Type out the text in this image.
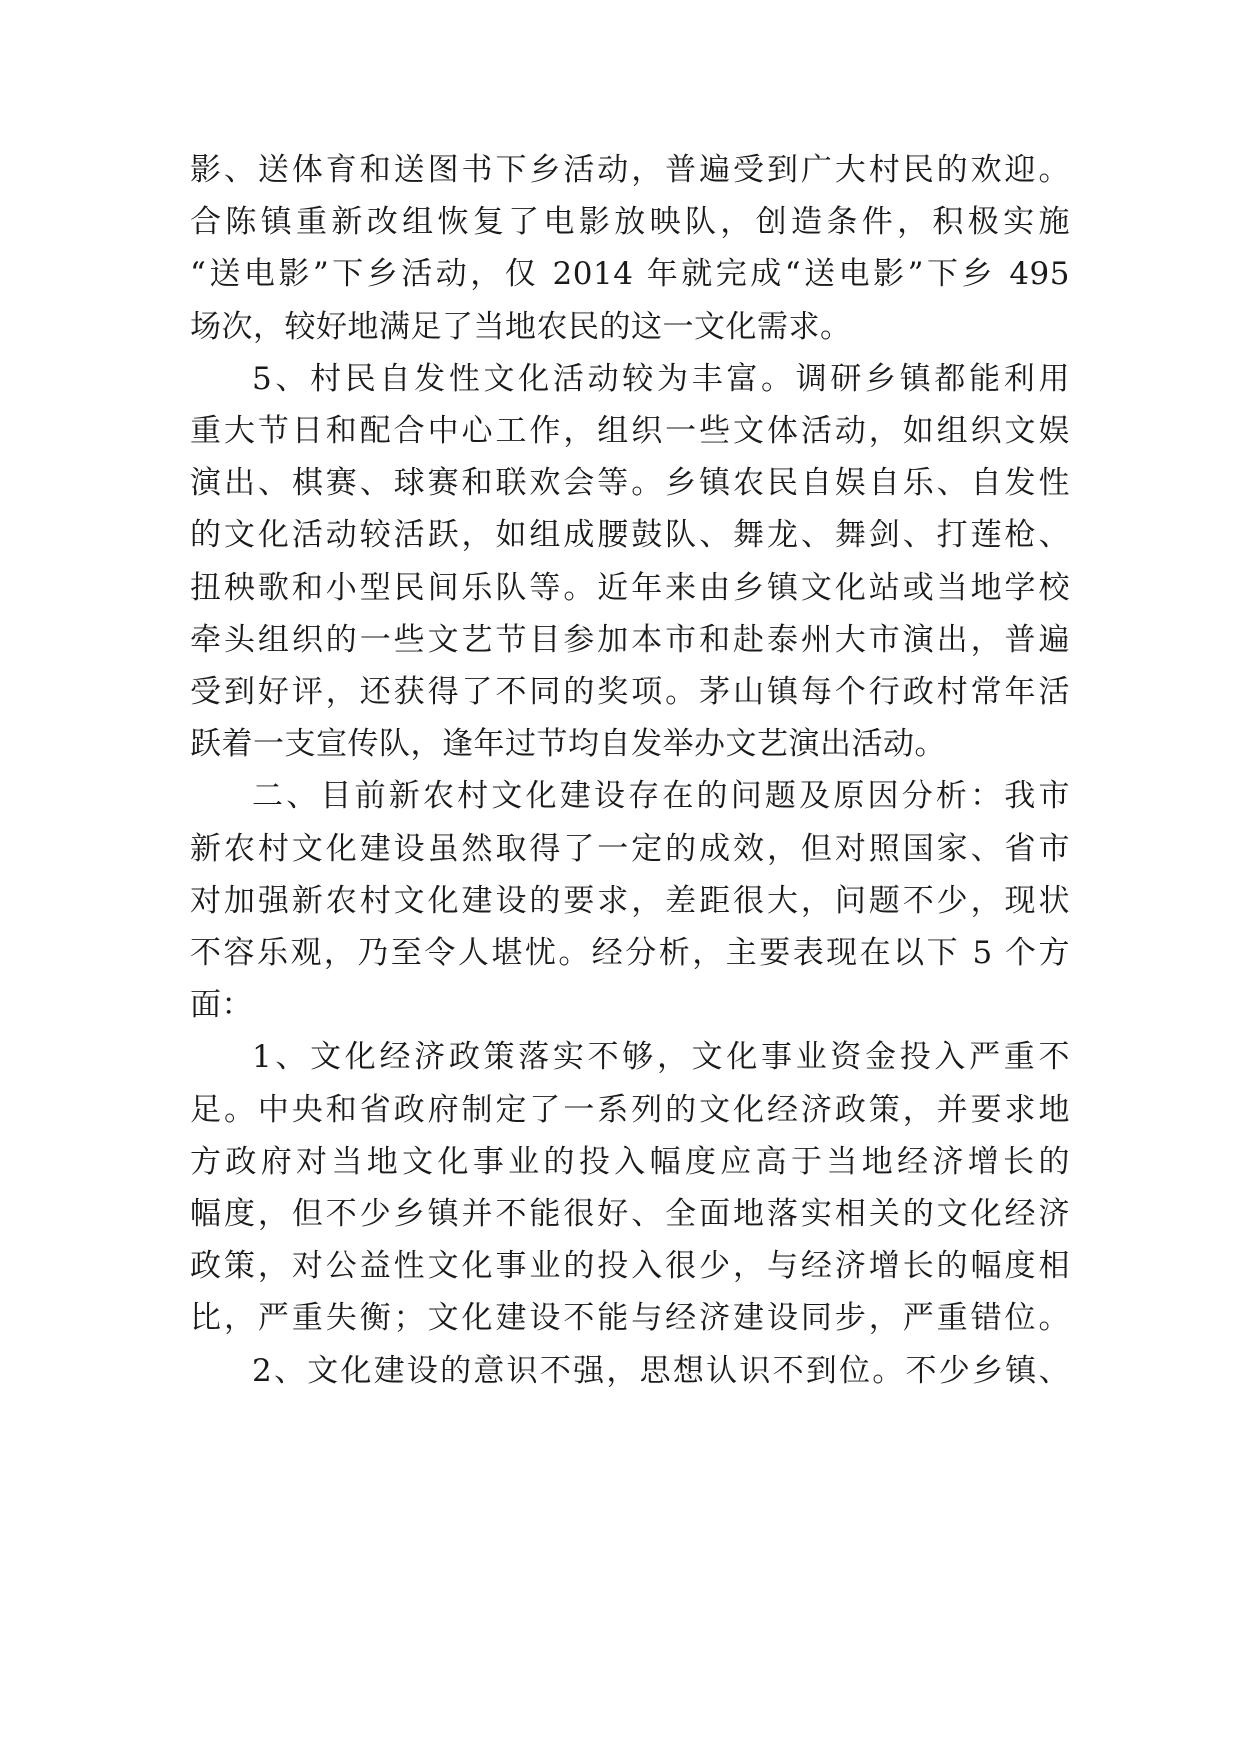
影、送体育和送图书下乡活动，普遍受到广大村民的欢迎。
合陈镇重新改组恢复了电影放映队，创造条件，积极实施
“送电影”下乡活动，仅 2014 年就完成“送电影”下乡 495
场次，较好地满足了当地农民的这一文化需求。
5、村民自发性文化活动较为丰富。调研乡镇都能利用
重大节日和配合中心工作，组织一些文体活动，如组织文娱
演出、棋赛、球赛和联欢会等。乡镇农民自娱自乐、自发性
的文化活动较活跃，如组成腰鼓队、舞龙、舞剑、打莲枪、
扭秧歌和小型民间乐队等。近年来由乡镇文化站或当地学校
牵头组织的一些文艺节目参加本市和赴泰州大市演出，普遍
受到好评，还获得了不同的奖项。茅山镇每个行政村常年活
跃着一支宣传队，逢年过节均自发举办文艺演出活动。
二、目前新农村文化建设存在的问题及原因分析：我市
新农村文化建设虽然取得了一定的成效，但对照国家、省市
对加强新农村文化建设的要求，差距很大，问题不少，现状
不容乐观，乃至令人堪忧。经分析，主要表现在以下 5 个方
面：
1、文化经济政策落实不够，文化事业资金投入严重不
足。中央和省政府制定了一系列的文化经济政策，并要求地
方政府对当地文化事业的投入幅度应高于当地经济增长的
幅度，但不少乡镇并不能很好、全面地落实相关的文化经济
政策，对公益性文化事业的投入很少，与经济增长的幅度相
比，严重失衡；文化建设不能与经济建设同步，严重错位。
2、文化建设的意识不强，思想认识不到位。不少乡镇、
